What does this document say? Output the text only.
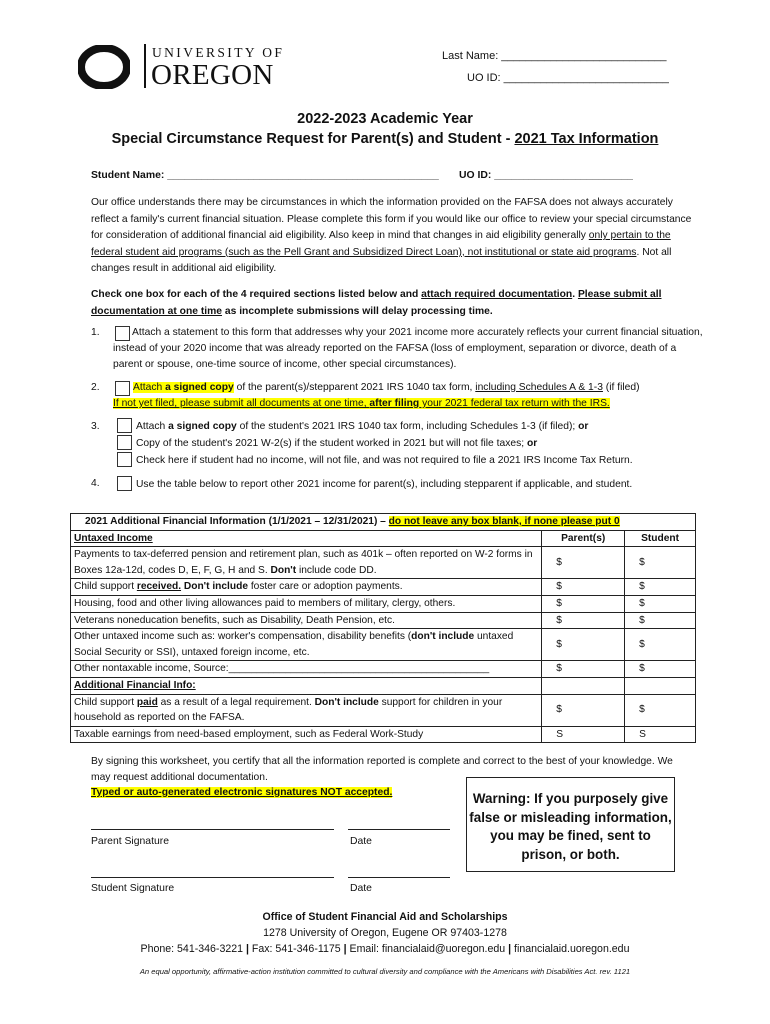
UNIVERSITY OF
OREGON
Last Name: ___________________________
UO ID: ___________________________
2022-2023 Academic Year
Special Circumstance Request for Parent(s) and Student - 2021 Tax Information
Student Name: _______________________________________________ UO ID: ________________________
Our office understands there may be circumstances in which the information provided on the FAFSA does not always accurately reflect a family's current financial situation. Please complete this form if you would like our office to review your special circumstance for consideration of additional financial aid eligibility. Also keep in mind that changes in aid eligibility generally only pertain to the federal student aid programs (such as the Pell Grant and Subsidized Direct Loan), not institutional or state aid programs. Not all changes result in additional aid eligibility.
Check one box for each of the 4 required sections listed below and attach required documentation. Please submit all documentation at one time as incomplete submissions will delay processing time.
1.	Attach a statement to this form that addresses why your 2021 income more accurately reflects your current financial situation, instead of your 2020 income that was already reported on the FAFSA (loss of employment, separation or divorce, death of a parent or spouse, one-time source of income, other special circumstances).
2.	Attach a signed copy of the parent(s)/stepparent 2021 IRS 1040 tax form, including Schedules A & 1-3 (if filed)
If not yet filed, please submit all documents at one time, after filing your 2021 federal tax return with the IRS.
3.	Attach a signed copy of the student's 2021 IRS 1040 tax form, including Schedules 1-3 (if filed); or
Copy of the student's 2021 W-2(s) if the student worked in 2021 but will not file taxes; or
Check here if student had no income, will not file, and was not required to file a 2021 IRS Income Tax Return.
4.	Use the table below to report other 2021 income for parent(s), including stepparent if applicable, and student.
2021 Additional Financial Information (1/1/2021 – 12/31/2021) – do not leave any box blank, if none please put 0		
Untaxed Income	Parent(s)	Student
Payments to tax-deferred pension and retirement plan, such as 401k – often reported on W-2 forms in Boxes 12a-12d, codes D, E, F, G, H and S. Don't include code DD.	$	$
Child support received. Don't include foster care or adoption payments.	$	$
Housing, food and other living allowances paid to members of military, clergy, others.	$	$
Veterans noneducation benefits, such as Disability, Death Pension, etc.	$	$
Other untaxed income such as: worker's compensation, disability benefits (don't include untaxed Social Security or SSI), untaxed foreign income, etc.	$	$
Other nontaxable income, Source:______________________________________________	$	$
Additional Financial Info:		
Child support paid as a result of a legal requirement. Don't include support for children in your household as reported on the FAFSA.	$	$
Taxable earnings from need-based employment, such as Federal Work-Study	S	S
By signing this worksheet, you certify that all the information reported is complete and correct to the best of your knowledge. We may request additional documentation.
Typed or auto-generated electronic signatures NOT accepted.	Warning: If you purposely give false or misleading information, you may be fined, sent to prison, or both.
Parent Signature	Date
Student Signature	Date
Office of Student Financial Aid and Scholarships
1278 University of Oregon, Eugene OR 97403-1278
Phone: 541-346-3221 | Fax: 541-346-1175 | Email: financialaid@uoregon.edu | financialaid.uoregon.edu
An equal opportunity, affirmative-action institution committed to cultural diversity and compliance with the Americans with Disabilities Act. rev. 1121
